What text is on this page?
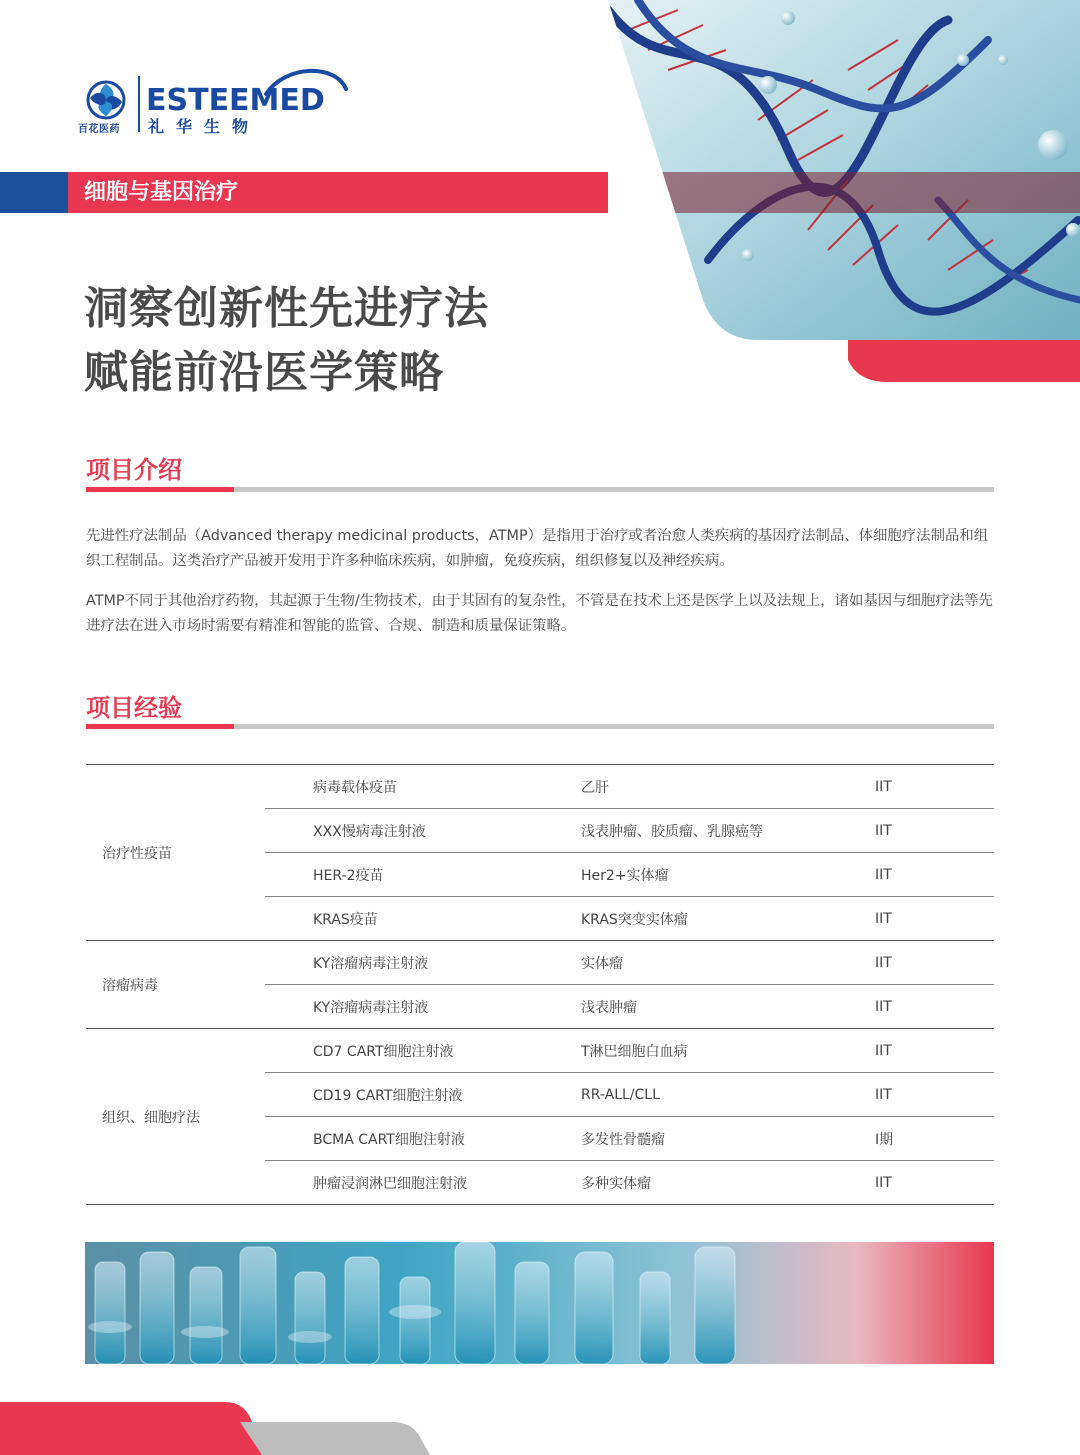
百花医药
ESTEEMED
礼华生物
细胞与基因治疗
洞察创新性先进疗法
赋能前沿医学策略
项目介绍

先进性疗法制品（Advanced therapy medicinal products，ATMP）是指用于治疗或者治愈人类疾病的基因疗法制品、体细胞疗法制品和组织工程制品。这类治疗产品被开发用于许多种临床疾病，如肿瘤，免疫疾病，组织修复以及神经疾病。

ATMP不同于其他治疗药物，其起源于生物/生物技术，由于其固有的复杂性，不管是在技术上还是医学上以及法规上，诸如基因与细胞疗法等先进疗法在进入市场时需要有精准和智能的监管、合规、制造和质量保证策略。

项目经验
治疗性疫苗
病毒载体疫苗	乙肝	IIT
XXX慢病毒注射液	浅表肿瘤、胶质瘤、乳腺癌等	IIT
HER-2疫苗	Her2+实体瘤	IIT
KRAS疫苗	KRAS突变实体瘤	IIT
溶瘤病毒
KY溶瘤病毒注射液	实体瘤	IIT
KY溶瘤病毒注射液	浅表肿瘤	IIT
组织、细胞疗法
CD7 CART细胞注射液	T淋巴细胞白血病	IIT
CD19 CART细胞注射液	RR-ALL/CLL	IIT
BCMA CART细胞注射液	多发性骨髓瘤	I期
肿瘤浸润淋巴细胞注射液	多种实体瘤	IIT
